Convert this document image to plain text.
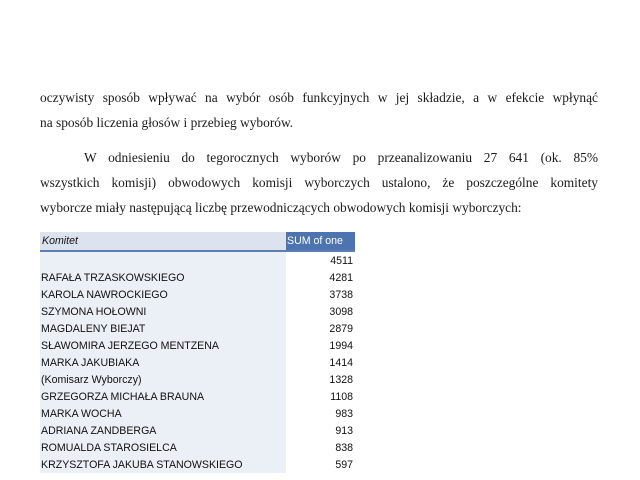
oczywisty sposób wpływać na wybór osób funkcyjnych w jej składzie, a w efekcie wpłynąć
na sposób liczenia głosów i przebieg wyborów.
W odniesieniu do tegorocznych wyborów po przeanalizowaniu 27 641 (ok. 85%
wszystkich komisji) obwodowych komisji wyborczych ustalono, że poszczególne komitety
wyborcze miały następującą liczbę przewodniczących obwodowych komisji wyborczych:
Komitet	SUM of one
	4511
RAFAŁA TRZASKOWSKIEGO	4281
KAROLA NAWROCKIEGO	3738
SZYMONA HOŁOWNI	3098
MAGDALENY BIEJAT	2879
SŁAWOMIRA JERZEGO MENTZENA	1994
MARKA JAKUBIAKA	1414
(Komisarz Wyborczy)	1328
GRZEGORZA MICHAŁA BRAUNA	1108
MARKA WOCHA	983
ADRIANA ZANDBERGA	913
ROMUALDA STAROSIELCA	838
KRZYSZTOFA JAKUBA STANOWSKIEGO	597
